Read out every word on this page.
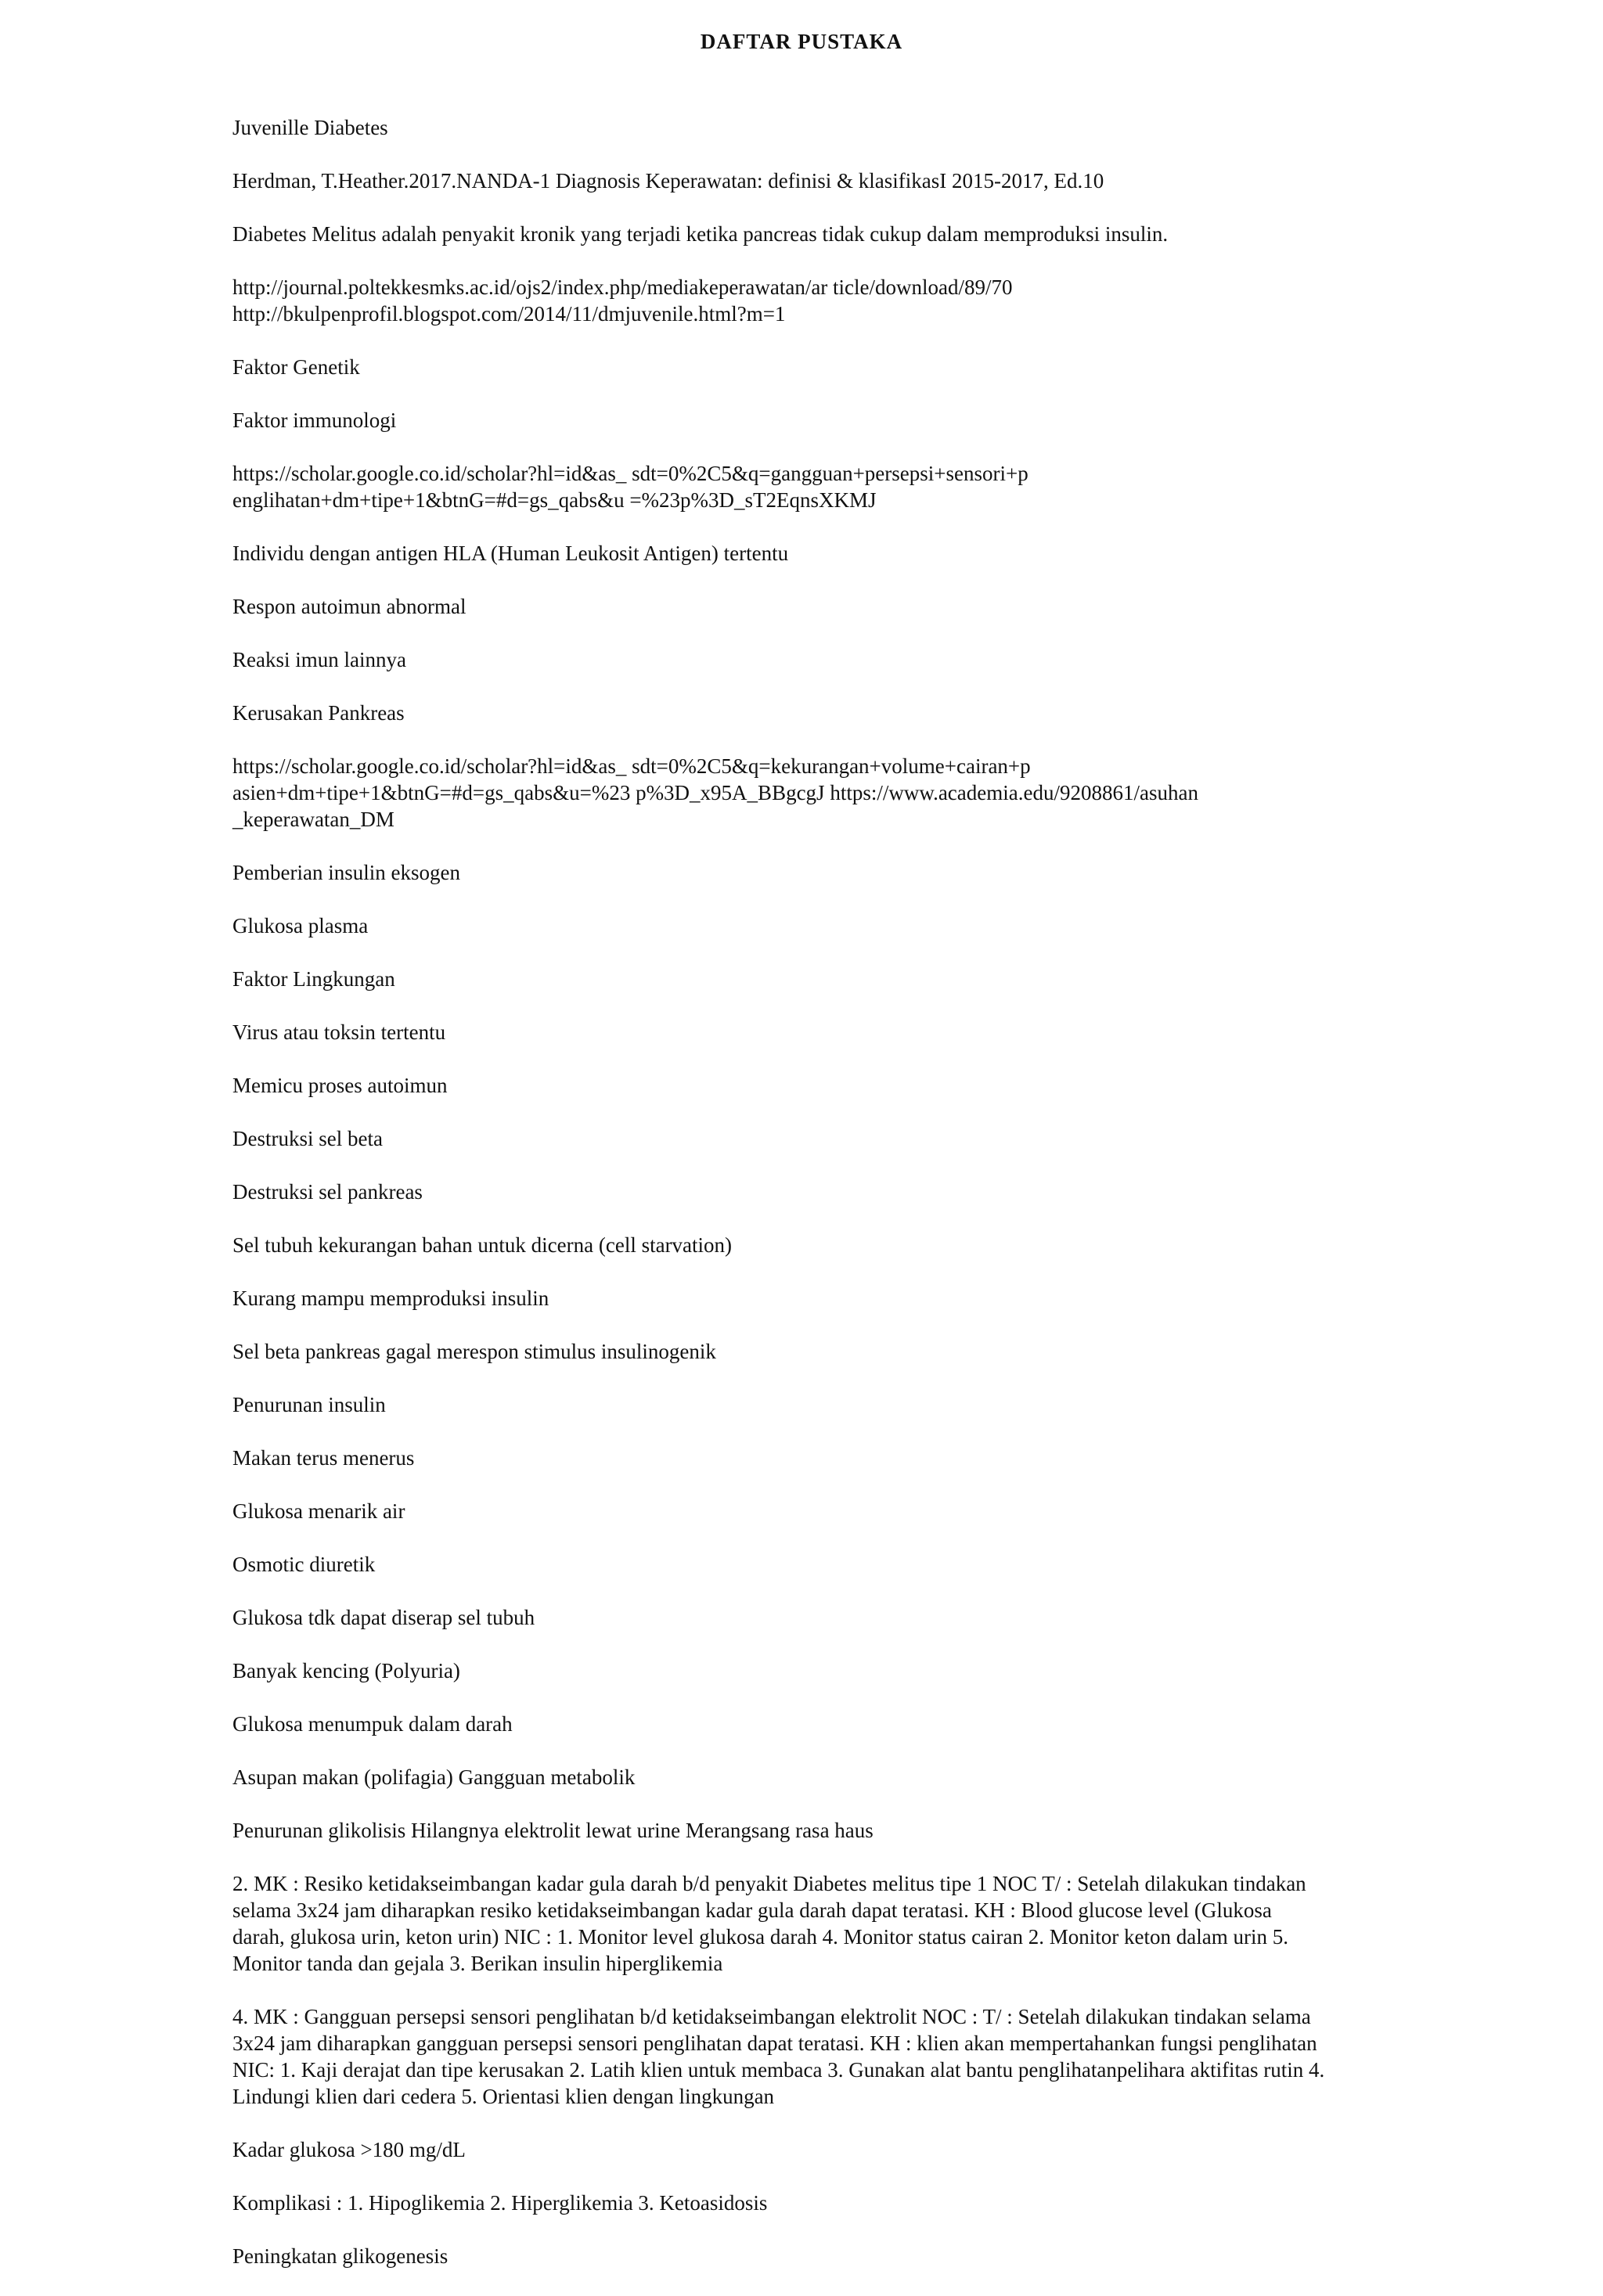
DAFTAR PUSTAKA

Juvenille Diabetes

Herdman, T.Heather.2017.NANDA-1 Diagnosis Keperawatan: definisi & klasifikasI 2015-2017, Ed.10

Diabetes Melitus adalah penyakit kronik yang terjadi ketika pancreas tidak cukup dalam memproduksi insulin.

http://journal.poltekkesmks.ac.id/ojs2/index.php/mediakeperawatan/ar ticle/download/89/70
http://bkulpenprofil.blogspot.com/2014/11/dmjuvenile.html?m=1

Faktor Genetik

Faktor immunologi

https://scholar.google.co.id/scholar?hl=id&as_ sdt=0%2C5&q=gangguan+persepsi+sensori+p
englihatan+dm+tipe+1&btnG=#d=gs_qabs&u =%23p%3D_sT2EqnsXKMJ

Individu dengan antigen HLA (Human Leukosit Antigen) tertentu

Respon autoimun abnormal

Reaksi imun lainnya

Kerusakan Pankreas

https://scholar.google.co.id/scholar?hl=id&as_ sdt=0%2C5&q=kekurangan+volume+cairan+p
asien+dm+tipe+1&btnG=#d=gs_qabs&u=%23 p%3D_x95A_BBgcgJ https://www.academia.edu/9208861/asuhan
_keperawatan_DM

Pemberian insulin eksogen

Glukosa plasma

Faktor Lingkungan

Virus atau toksin tertentu

Memicu proses autoimun

Destruksi sel beta

Destruksi sel pankreas

Sel tubuh kekurangan bahan untuk dicerna (cell starvation)

Kurang mampu memproduksi insulin

Sel beta pankreas gagal merespon stimulus insulinogenik

Penurunan insulin

Makan terus menerus

Glukosa menarik air

Osmotic diuretik

Glukosa tdk dapat diserap sel tubuh

Banyak kencing (Polyuria)

Glukosa menumpuk dalam darah

Asupan makan (polifagia) Gangguan metabolik

Penurunan glikolisis Hilangnya elektrolit lewat urine Merangsang rasa haus

2. MK : Resiko ketidakseimbangan kadar gula darah b/d penyakit Diabetes melitus tipe 1 NOC T/ : Setelah dilakukan tindakan
selama 3x24 jam diharapkan resiko ketidakseimbangan kadar gula darah dapat teratasi. KH : Blood glucose level (Glukosa
darah, glukosa urin, keton urin) NIC : 1. Monitor level glukosa darah 4. Monitor status cairan 2. Monitor keton dalam urin 5.
Monitor tanda dan gejala 3. Berikan insulin hiperglikemia

4. MK : Gangguan persepsi sensori penglihatan b/d ketidakseimbangan elektrolit NOC : T/ : Setelah dilakukan tindakan selama
3x24 jam diharapkan gangguan persepsi sensori penglihatan dapat teratasi. KH : klien akan mempertahankan fungsi penglihatan
NIC: 1. Kaji derajat dan tipe kerusakan 2. Latih klien untuk membaca 3. Gunakan alat bantu penglihatanpelihara aktifitas rutin 4.
Lindungi klien dari cedera 5. Orientasi klien dengan lingkungan

Kadar glukosa >180 mg/dL

Komplikasi : 1. Hipoglikemia 2. Hiperglikemia 3. Ketoasidosis

Peningkatan glikogenesis
